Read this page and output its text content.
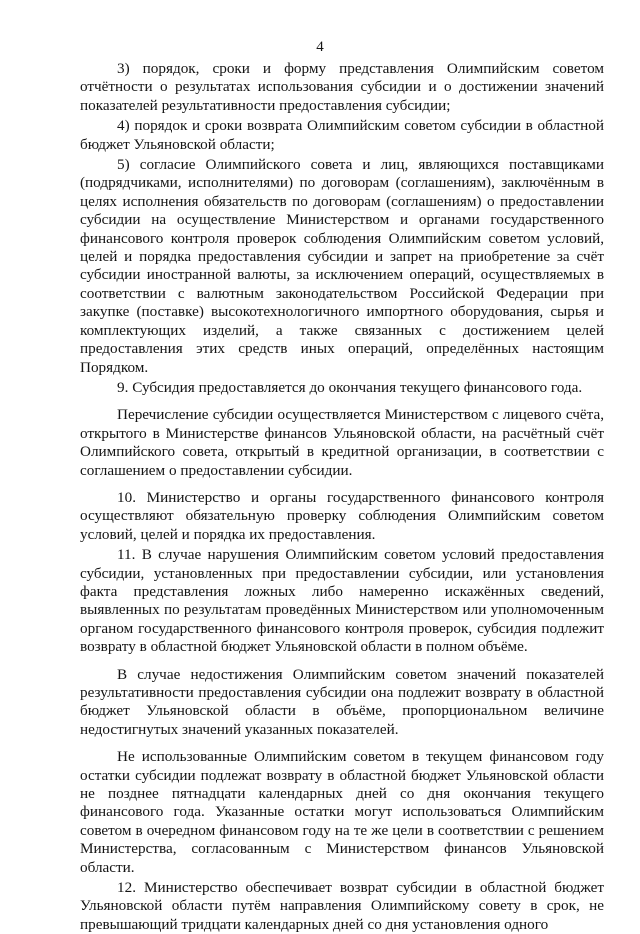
4

3) порядок, сроки и форму представления Олимпийским советом отчётности о результатах использования субсидии и о достижении значений показателей результативности предоставления субсидии;

4) порядок и сроки возврата Олимпийским советом субсидии в областной бюджет Ульяновской области;

5) согласие Олимпийского совета и лиц, являющихся поставщиками (подрядчиками, исполнителями) по договорам (соглашениям), заключённым в целях исполнения обязательств по договорам (соглашениям) о предоставлении субсидии на осуществление Министерством и органами государственного финансового контроля проверок соблюдения Олимпийским советом условий, целей и порядка предоставления субсидии и запрет на приобретение за счёт субсидии иностранной валюты, за исключением операций, осуществляемых в соответствии с валютным законодательством Российской Федерации при закупке (поставке) высокотехнологичного импортного оборудования, сырья и комплектующих изделий, а также связанных с достижением целей предоставления этих средств иных операций, определённых настоящим Порядком.

9. Субсидия предоставляется до окончания текущего финансового года.

Перечисление субсидии осуществляется Министерством с лицевого счёта, открытого в Министерстве финансов Ульяновской области, на расчётный счёт Олимпийского совета, открытый в кредитной организации, в соответствии с соглашением о предоставлении субсидии.

10. Министерство и органы государственного финансового контроля осуществляют обязательную проверку соблюдения Олимпийским советом условий, целей и порядка их предоставления.

11. В случае нарушения Олимпийским советом условий предоставления субсидии, установленных при предоставлении субсидии, или установления факта представления ложных либо намеренно искажённых сведений, выявленных по результатам проведённых Министерством или уполномоченным органом государственного финансового контроля проверок, субсидия подлежит возврату в областной бюджет Ульяновской области в полном объёме.

В случае недостижения Олимпийским советом значений показателей результативности предоставления субсидии она подлежит возврату в областной бюджет Ульяновской области в объёме, пропорциональном величине недостигнутых значений указанных показателей.

Не использованные Олимпийским советом в текущем финансовом году остатки субсидии подлежат возврату в областной бюджет Ульяновской области не позднее пятнадцати календарных дней со дня окончания текущего финансового года. Указанные остатки могут использоваться Олимпийским советом в очередном финансовом году на те же цели в соответствии с решением Министерства, согласованным с Министерством финансов Ульяновской области.

12. Министерство обеспечивает возврат субсидии в областной бюджет Ульяновской области путём направления Олимпийскому совету в срок, не превышающий тридцати календарных дней со дня установления одного
